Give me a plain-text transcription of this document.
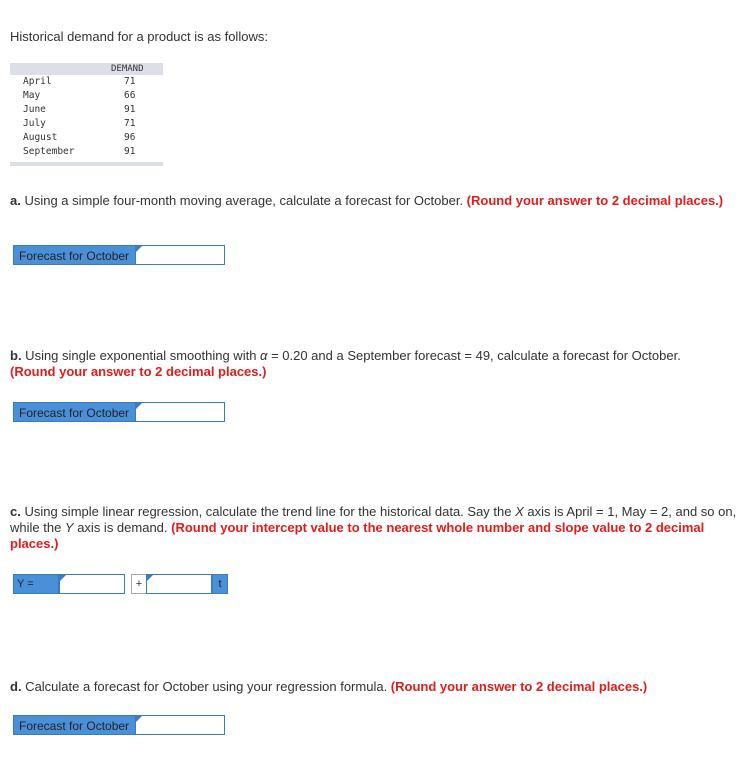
Historical demand for a product is as follows:
DEMAND
April	71
May	66
June	91
July	71
August	96
September	91
a. Using a simple four-month moving average, calculate a forecast for October. (Round your answer to 2 decimal places.)
Forecast for October
b. Using single exponential smoothing with α = 0.20 and a September forecast = 49, calculate a forecast for October.
(Round your answer to 2 decimal places.)
Forecast for October
c. Using simple linear regression, calculate the trend line for the historical data. Say the X axis is April = 1, May = 2, and so on, while the Y axis is demand. (Round your intercept value to the nearest whole number and slope value to 2 decimal places.)
Y =	+	t
d. Calculate a forecast for October using your regression formula. (Round your answer to 2 decimal places.)
Forecast for October
